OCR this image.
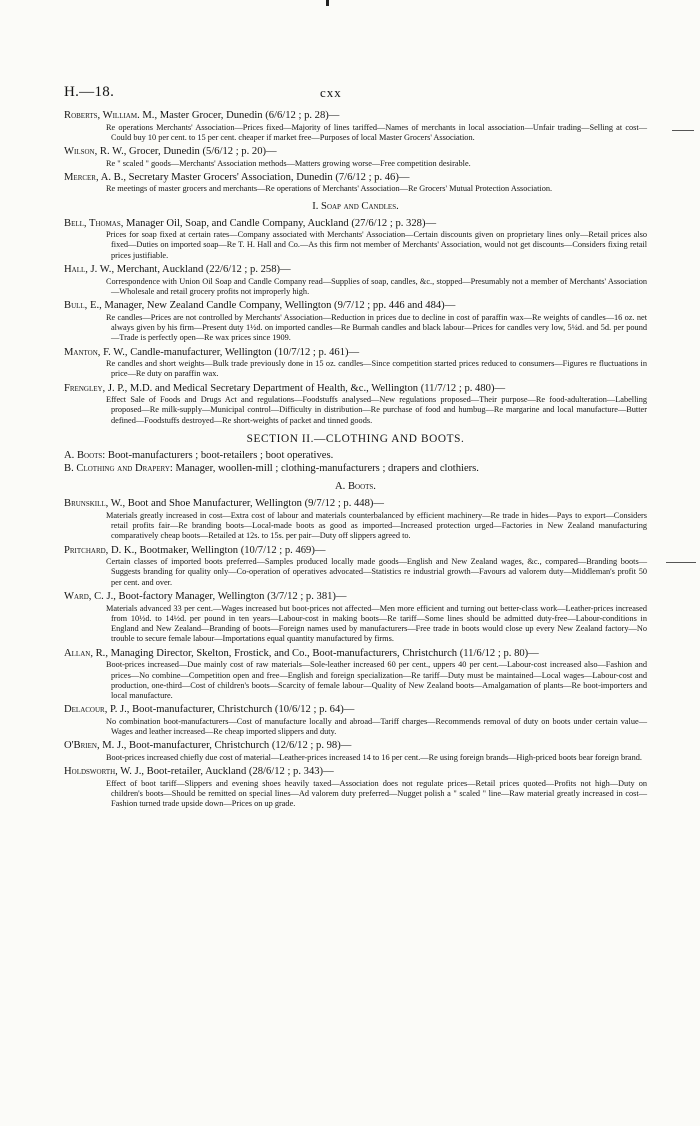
H.—18.	cxx
Roberts, William. M., Master Grocer, Dunedin (6/6/12 ; p. 28)—
Re operations Merchants' Association—Prices fixed—Majority of lines tariffed—Names of merchants in local association—Unfair trading—Selling at cost—Could buy 10 per cent. to 15 per cent. cheaper if market free—Purposes of local Master Grocers' Association.
Wilson, R. W., Grocer, Dunedin (5/6/12 ; p. 20)—
Re " scaled " goods—Merchants' Association methods—Matters growing worse—Free competition desirable.
Mercer, A. B., Secretary Master Grocers' Association, Dunedin (7/6/12 ; p. 46)—
Re meetings of master grocers and merchants—Re operations of Merchants' Association—Re Grocers' Mutual Protection Association.
I. Soap and Candles.
Bell, Thomas, Manager Oil, Soap, and Candle Company, Auckland (27/6/12 ; p. 328)—
Prices for soap fixed at certain rates—Company associated with Merchants' Association—Certain discounts given on proprietary lines only—Retail prices also fixed—Duties on imported soap—Re T. H. Hall and Co.—As this firm not member of Merchants' Association, would not get discounts—Considers fixing retail prices justifiable.
Hall, J. W., Merchant, Auckland (22/6/12 ; p. 258)—
Correspondence with Union Oil Soap and Candle Company read—Supplies of soap, candles, &c., stopped—Presumably not a member of Merchants' Association—Wholesale and retail grocery profits not improperly high.
Bull, E., Manager, New Zealand Candle Company, Wellington (9/7/12 ; pp. 446 and 484)—
Re candles—Prices are not controlled by Merchants' Association—Reduction in prices due to decline in cost of paraffin wax—Re weights of candles—16 oz. net always given by his firm—Present duty 1½d. on imported candles—Re Burmah candles and black labour—Prices for candles very low, 5¼d. and 5d. per pound—Trade is perfectly open—Re wax prices since 1909.
Manton, F. W., Candle-manufacturer, Wellington (10/7/12 ; p. 461)—
Re candles and short weights—Bulk trade previously done in 15 oz. candles—Since competition started prices reduced to consumers—Figures re fluctuations in price—Re duty on paraffin wax.
Frengley, J. P., M.D. and Medical Secretary Department of Health, &c., Wellington (11/7/12 ; p. 480)—
Effect Sale of Foods and Drugs Act and regulations—Foodstuffs analysed—New regulations proposed—Their purpose—Re food-adulteration—Labelling proposed—Re milk-supply—Municipal control—Difficulty in distribution—Re purchase of food and humbug—Re margarine and local manufacture—Butter defined—Foodstuffs destroyed—Re short-weights of packet and tinned goods.
SECTION II.—CLOTHING AND BOOTS.
A. Boots: Boot-manufacturers ; boot-retailers ; boot operatives.
B. Clothing and Drapery: Manager, woollen-mill ; clothing-manufacturers ; drapers and clothiers.
A. Boots.
Brunskill, W., Boot and Shoe Manufacturer, Wellington (9/7/12 ; p. 448)—
Materials greatly increased in cost—Extra cost of labour and materials counterbalanced by efficient machinery—Re trade in hides—Pays to export—Considers retail profits fair—Re branding boots—Local-made boots as good as imported—Increased protection urged—Factories in New Zealand manufacturing comparatively cheap boots—Retailed at 12s. to 15s. per pair—Duty off slippers agreed to.
Pritchard, D. K., Bootmaker, Wellington (10/7/12 ; p. 469)—
Certain classes of imported boots preferred—Samples produced locally made goods—English and New Zealand wages, &c., compared—Branding boots—Suggests branding for quality only—Co-operation of operatives advocated—Statistics re industrial growth—Favours ad valorem duty—Middleman's profit 50 per cent. and over.
Ward, C. J., Boot-factory Manager, Wellington (3/7/12 ; p. 381)—
Materials advanced 33 per cent.—Wages increased but boot-prices not affected—Men more efficient and turning out better-class work—Leather-prices increased from 10½d. to 14½d. per pound in ten years—Labour-cost in making boots—Re tariff—Some lines should be admitted duty-free—Labour-conditions in England and New Zealand—Branding of boots—Foreign names used by manufacturers—Free trade in boots would close up every New Zealand factory—No trouble to secure female labour—Importations equal quantity manufactured by firms.
Allan, R., Managing Director, Skelton, Frostick, and Co., Boot-manufacturers, Christchurch (11/6/12 ; p. 80)—
Boot-prices increased—Due mainly cost of raw materials—Sole-leather increased 60 per cent., uppers 40 per cent.—Labour-cost increased also—Fashion and prices—No combine—Competition open and free—English and foreign specialization—Re tariff—Duty must be maintained—Local wages—Labour-cost and production, one-third—Cost of children's boots—Scarcity of female labour—Quality of New Zealand boots—Amalgamation of plants—Re boot-importers and local manufacture.
Delacour, P. J., Boot-manufacturer, Christchurch (10/6/12 ; p. 64)—
No combination boot-manufacturers—Cost of manufacture locally and abroad—Tariff charges—Recommends removal of duty on boots under certain value—Wages and leather increased—Re cheap imported slippers and duty.
O'Brien, M. J., Boot-manufacturer, Christchurch (12/6/12 ; p. 98)—
Boot-prices increased chiefly due cost of material—Leather-prices increased 14 to 16 per cent.—Re using foreign brands—High-priced boots bear foreign brand.
Holdsworth, W. J., Boot-retailer, Auckland (28/6/12 ; p. 343)—
Effect of boot tariff—Slippers and evening shoes heavily taxed—Association does not regulate prices—Retail prices quoted—Profits not high—Duty on children's boots—Should be remitted on special lines—Ad valorem duty preferred—Nugget polish a " scaled " line—Raw material greatly increased in cost—Fashion turned trade upside down—Prices on up grade.
